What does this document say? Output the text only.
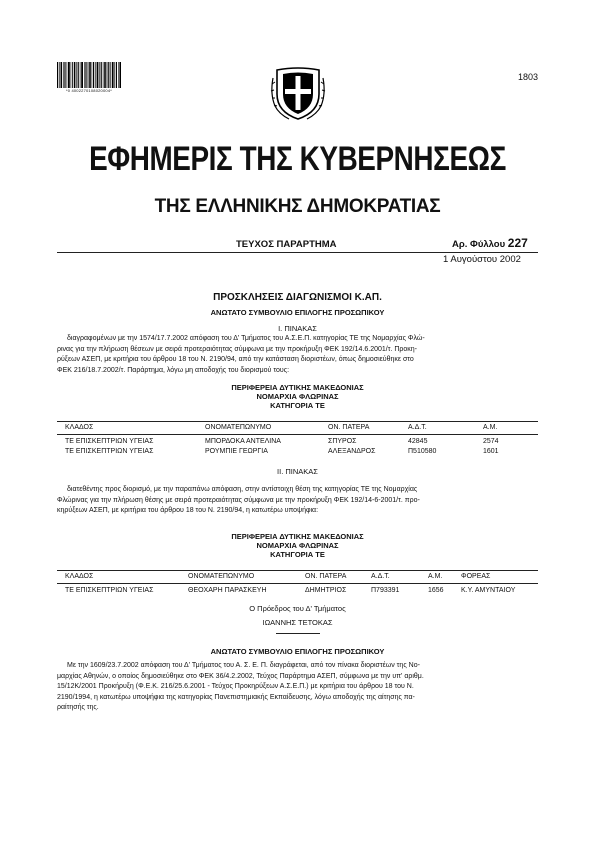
*0 4002270108020004*
1803
ΕΦΗΜΕΡΙΣ ΤΗΣ ΚΥΒΕΡΝΗΣΕΩΣ
ΤΗΣ ΕΛΛΗΝΙΚΗΣ ΔΗΜΟΚΡΑΤΙΑΣ
ΤΕΥΧΟΣ ΠΑΡΑΡΤΗΜΑ	Αρ. Φύλλου 227
1 Αυγούστου 2002
ΠΡΟΣΚΛΗΣΕΙΣ ΔΙΑΓΩΝΙΣΜΟΙ Κ.ΑΠ.
ΑΝΩΤΑΤΟ ΣΥΜΒΟΥΛΙΟ ΕΠΙΛΟΓΗΣ ΠΡΟΣΩΠΙΚΟΥ
Ι. ΠΙΝΑΚΑΣ

διαγραφομένων με την 1574/17.7.2002 απόφαση του Δ' Τμήματος του Α.Σ.Ε.Π. κατηγορίας ΤΕ της Νομαρχίας Φλώ-

ρινας για την πλήρωση θέσεων με σειρά προτεραιότητας σύμφωνα με την προκήρυξη ΦΕΚ 192/14.6.2001/τ. Προκη-

ρύξεων ΑΣΕΠ, με κριτήρια του άρθρου 18 του Ν. 2190/94, από την κατάσταση διοριστέων, όπως δημοσιεύθηκε στο

ΦΕΚ 216/18.7.2002/τ. Παράρτημα, λόγω μη αποδοχής του διορισμού τους:

ΠΕΡΙΦΕΡΕΙΑ ΔΥΤΙΚΗΣ ΜΑΚΕΔΟΝΙΑΣ
ΝΟΜΑΡΧΙΑ ΦΛΩΡΙΝΑΣ
ΚΑΤΗΓΟΡΙΑ ΤΕ
ΚΛΑΔΟΣ	ΟΝΟΜΑΤΕΠΩΝΥΜΟ	ΟΝ. ΠΑΤΕΡΑ	Α.Δ.Τ.	Α.Μ.
ΤΕ ΕΠΙΣΚΕΠΤΡΙΩΝ ΥΓΕΙΑΣ	ΜΠΟΡΔΟΚΑ ΑΝΤΕΛΙΝΑ	ΣΠΥΡΟΣ	42845	2574
ΤΕ ΕΠΙΣΚΕΠΤΡΙΩΝ ΥΓΕΙΑΣ	ΡΟΥΜΠΙΕ ΓΕΩΡΓΙΑ	ΑΛΕΞΑΝΔΡΟΣ	Π510580	1601
ΙΙ. ΠΙΝΑΚΑΣ

διατεθέντης προς διορισμό, με την παραπάνω απόφαση, στην αντίστοιχη θέση της κατηγορίας ΤΕ της Νομαρχίας

Φλώρινας για την πλήρωση θέσης με σειρά προτεραιότητας σύμφωνα με την προκήρυξη ΦΕΚ 192/14-6-2001/τ. προ-

κηρύξεων ΑΣΕΠ, με κριτήρια του άρθρου 18 του Ν. 2190/94, η κατωτέρω υποψήφια:

ΠΕΡΙΦΕΡΕΙΑ ΔΥΤΙΚΗΣ ΜΑΚΕΔΟΝΙΑΣ
ΝΟΜΑΡΧΙΑ ΦΛΩΡΙΝΑΣ
ΚΑΤΗΓΟΡΙΑ ΤΕ
ΚΛΑΔΟΣ	ΟΝΟΜΑΤΕΠΩΝΥΜΟ	ΟΝ. ΠΑΤΕΡΑ	Α.Δ.Τ.	Α.Μ.	ΦΟΡΕΑΣ
ΤΕ ΕΠΙΣΚΕΠΤΡΙΩΝ ΥΓΕΙΑΣ	ΘΕΟΧΑΡΗ ΠΑΡΑΣΚΕΥΗ	ΔΗΜΗΤΡΙΟΣ	Π793391	1656 Κ.Υ. ΑΜΥΝΤΑΙΟΥ
Ο Πρόεδρος του Δ' Τμήματος
ΙΩΑΝΝΗΣ ΤΕΤΟΚΑΣ
ΑΝΩΤΑΤΟ ΣΥΜΒΟΥΛΙΟ ΕΠΙΛΟΓΗΣ ΠΡΟΣΩΠΙΚΟΥ

Με την 1609/23.7.2002 απόφαση του Δ' Τμήματος του Α. Σ. Ε. Π. διαγράφεται, από τον πίνακα διοριστέων της Νο-

μαρχίας Αθηνών, ο οποίος δημοσιεύθηκε στο ΦΕΚ 36/4.2.2002, Τεύχος Παράρτημα ΑΣΕΠ, σύμφωνα με την υπ' αριθμ.

15/12Κ/2001 Προκήρυξη (Φ.Ε.Κ. 216/25.6.2001 - Τεύχος Προκηρύξεων Α.Σ.Ε.Π.) με κριτήρια του άρθρου 18 του Ν.

2190/1994, η κατωτέρω υποψήφια της κατηγορίας Πανεπιστημιακής Εκπαίδευσης, λόγω αποδοχής της αίτησης πα-

ραίτησής της.
